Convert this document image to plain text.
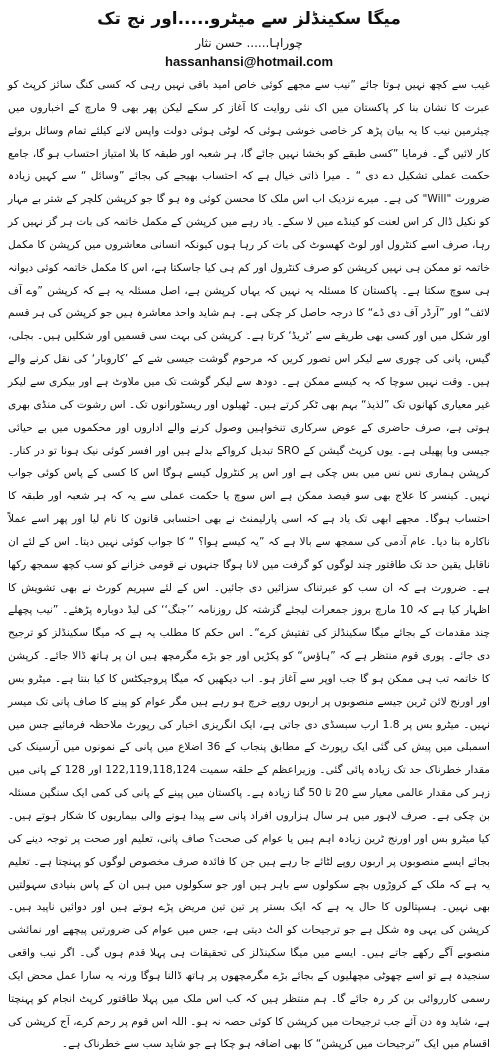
میگا سکینڈلز سے میٹرو.....اور نج تک

چوراہا...... حسن نثار

hassanhansi@hotmail.com

غیب سے کچھ نہیں ہوتا جائے ”نیب سے مجھے کوئی خاص امید باقی نہیں رہی کہ کسی کنگ سائز کرپٹ کو عبرت کا نشان بنا کر پاکستان میں اک نئی روایت کا آغاز کر سکے لیکن پھر بھی 9 مارچ کے اخباروں میں چیئرمین نیب کا یہ بیان پڑھ کر خاصی خوشی ہوئی کہ لوٹی ہوئی دولت واپس لانے کیلئے تمام وسائل بروئے کار لائیں گے۔ فرمایا ”کسی طبقے کو بخشا نہیں جائے گا، ہر شعبہ اور طبقہ کا بلا امتیاز احتساب ہو گا، جامع حکمت عملی تشکیل دے دی “ ۔ میرا ذاتی خیال ہے کہ احتساب بھیجے کی بجائے ”وسائل “ سے کہیں زیادہ ضرورت "Will" کی ہے۔ میرے نزدیک اب اس ملک کا محسن کوئی وہ ہو گا جو کرپشن کلچر کے شتر بے مہار کو نکیل ڈال کر اس لعنت کو کینڈے میں لا سکے۔ یاد رہے میں کرپشن کے مکمل خاتمہ کی بات ہر گز نہیں کر رہا، صرف اسے کنٹرول اور لوٹ کھسوٹ کی بات کر رہا ہوں کیونکہ انسانی معاشروں میں کرپشن کا مکمل خاتمہ تو ممکن ہی نہیں کرپشن کو صرف کنٹرول اور کم ہی کیا جاسکتا ہے، اس کا مکمل خاتمہ کوئی دیوانہ ہی سوچ سکتا ہے۔ پاکستان کا مسئلہ یہ نہیں کہ یہاں کرپشن ہے، اصل مسئلہ یہ ہے کہ کرپشن ”وے آف لائف“ اور ”آرڈر آف دی ڈے“ کا درجہ حاصل کر چکی ہے۔ ہم شاید واحد معاشرہ ہیں جو کرپشن کی ہر قسم اور شکل میں اور کسی بھی طریقے سے ’ٹریڈ‘ کرتا ہے۔ کرپشن کی بہت سی قسمیں اور شکلیں ہیں۔ بجلی، گیس، پانی کی چوری سے لیکر اس تصور کریں کہ مرحوم گوشت جیسی شے کے ’کاروبار‘ کی نقل کرنے والے ہیں۔ وقت نہیں سوچا کہ یہ کیسے ممکن ہے۔ دودھ سے لیکر گوشت تک میں ملاوٹ ہے اور بیکری سے لیکر غیر معیاری کھانوں تک ”لذیذ“ بہم بھی ٹکر کرتے ہیں۔ ٹھیلوں اور ریسٹورانوں تک۔ اس رشوت کی منڈی بھری ہوتی ہے، صرف حاضری کے عوض سرکاری تنخواہیں وصول کرنے والے اداروں اور محکموں میں بے حیائی جیسی وبا پھیلی ہے۔ یوں کرپٹ گیشن کے SRO تبدیل کرواکے بدلے ہیں اور افسر کوئی نیک ہونا تو در کنار۔ کرپشن ہماری نس نس میں بس چکی ہے اور اس پر کنٹرول کیسے ہوگا اس کا کسی کے پاس کوئی جواب نہیں۔ کینسر کا علاج بھی سو فیصد ممکن ہے اس سوچ یا حکمت عملی سے یہ کہ ہر شعبہ اور طبقہ کا احتساب ہوگا۔ مجھے ابھی تک یاد ہے کہ اسی پارلیمنٹ نے بھی احتسابی قانون کا نام لیا اور پھر اسے عملاً ناکارہ بنا دیا۔ عام آدمی کی سمجھ سے بالا ہے کہ ”یہ کیسے ہوا؟ “ کا جواب کوئی نہیں دیتا۔ اس کے لئے ان ناقابل یقین حد تک طاقتور چند لوگوں کو گرفت میں لانا ہوگا جنہوں نے قومی خزانے کو سب کچھ سمجھ رکھا ہے۔ ضرورت ہے کہ ان سب کو عبرتناک سزائیں دی جائیں۔ اس کے لئے سپریم کورٹ نے بھی تشویش کا اظہار کیا ہے کہ 10 مارچ بروز جمعرات لیجئے گزشتہ کل روزنامہ ’’جنگ‘‘ کی لیڈ دوبارہ پڑھئے۔ ”نیب پچھلے چند مقدمات کے بجائے میگا سکینڈلز کی تفتیش کرے“۔ اس حکم کا مطلب یہ ہے کہ میگا سکینڈلز کو ترجیح دی جائے۔ پوری قوم منتظر ہے کہ ”ہاؤس“ کو پکڑیں اور جو بڑے مگرمچھ ہیں ان پر ہاتھ ڈالا جائے۔ کرپشن کا خاتمہ تب ہی ممکن ہو گا جب اوپر سے آغاز ہو۔ اب دیکھیں کہ میگا پروجیکٹس کا کیا بنتا ہے۔ میٹرو بس اور اورنج لائن ٹرین جیسے منصوبوں پر اربوں روپے خرچ ہو رہے ہیں مگر عوام کو پینے کا صاف پانی تک میسر نہیں۔ میٹرو بس پر 1.8 ارب سبسڈی دی جاتی ہے، ایک انگریزی اخبار کی رپورٹ ملاحظہ فرمائیے جس میں اسمبلی میں پیش کی گئی ایک رپورٹ کے مطابق پنجاب کے 36 اضلاع میں پانی کے نمونوں میں آرسینک کی مقدار خطرناک حد تک زیادہ پائی گئی۔ وزیراعظم کے حلقہ سمیت 122,119,118,124 اور 128 کے پانی میں زہر کی مقدار عالمی معیار سے 20 تا 50 گنا زیادہ ہے۔ پاکستان میں پینے کے پانی کی کمی ایک سنگین مسئلہ بن چکی ہے۔ صرف لاہور میں ہر سال ہزاروں افراد پانی سے پیدا ہونے والی بیماریوں کا شکار ہوتے ہیں۔ کیا میٹرو بس اور اورنج ٹرین زیادہ اہم ہیں یا عوام کی صحت؟ صاف پانی، تعلیم اور صحت پر توجہ دینے کی بجائے ایسے منصوبوں پر اربوں روپے لٹائے جا رہے ہیں جن کا فائدہ صرف مخصوص لوگوں کو پہنچتا ہے۔ تعلیم یہ ہے کہ ملک کے کروڑوں بچے سکولوں سے باہر ہیں اور جو سکولوں میں ہیں ان کے پاس بنیادی سہولتیں بھی نہیں۔ ہسپتالوں کا حال یہ ہے کہ ایک بستر پر تین تین مریض پڑے ہوتے ہیں اور دوائیں ناپید ہیں۔ کرپشن کی یہی وہ شکل ہے جو ترجیحات کو الٹ دیتی ہے، جس میں عوام کی ضرورتیں پیچھے اور نمائشی منصوبے آگے رکھے جاتے ہیں۔ ایسے میں میگا سکینڈلز کی تحقیقات ہی پہلا قدم ہوں گی۔ اگر نیب واقعی سنجیدہ ہے تو اسے چھوٹی مچھلیوں کے بجائے بڑے مگرمچھوں پر ہاتھ ڈالنا ہوگا ورنہ یہ سارا عمل محض ایک رسمی کارروائی بن کر رہ جائے گا۔ ہم منتظر ہیں کہ کب اس ملک میں پہلا طاقتور کرپٹ انجام کو پہنچتا ہے، شاید وہ دن آئے جب ترجیحات میں کرپشن کا کوئی حصہ نہ ہو۔ اللہ اس قوم پر رحم کرے، آج کرپشن کی اقسام میں ایک ”ترجیحات میں کرپشن“ کا بھی اضافہ ہو چکا ہے جو شاید سب سے خطرناک ہے۔
